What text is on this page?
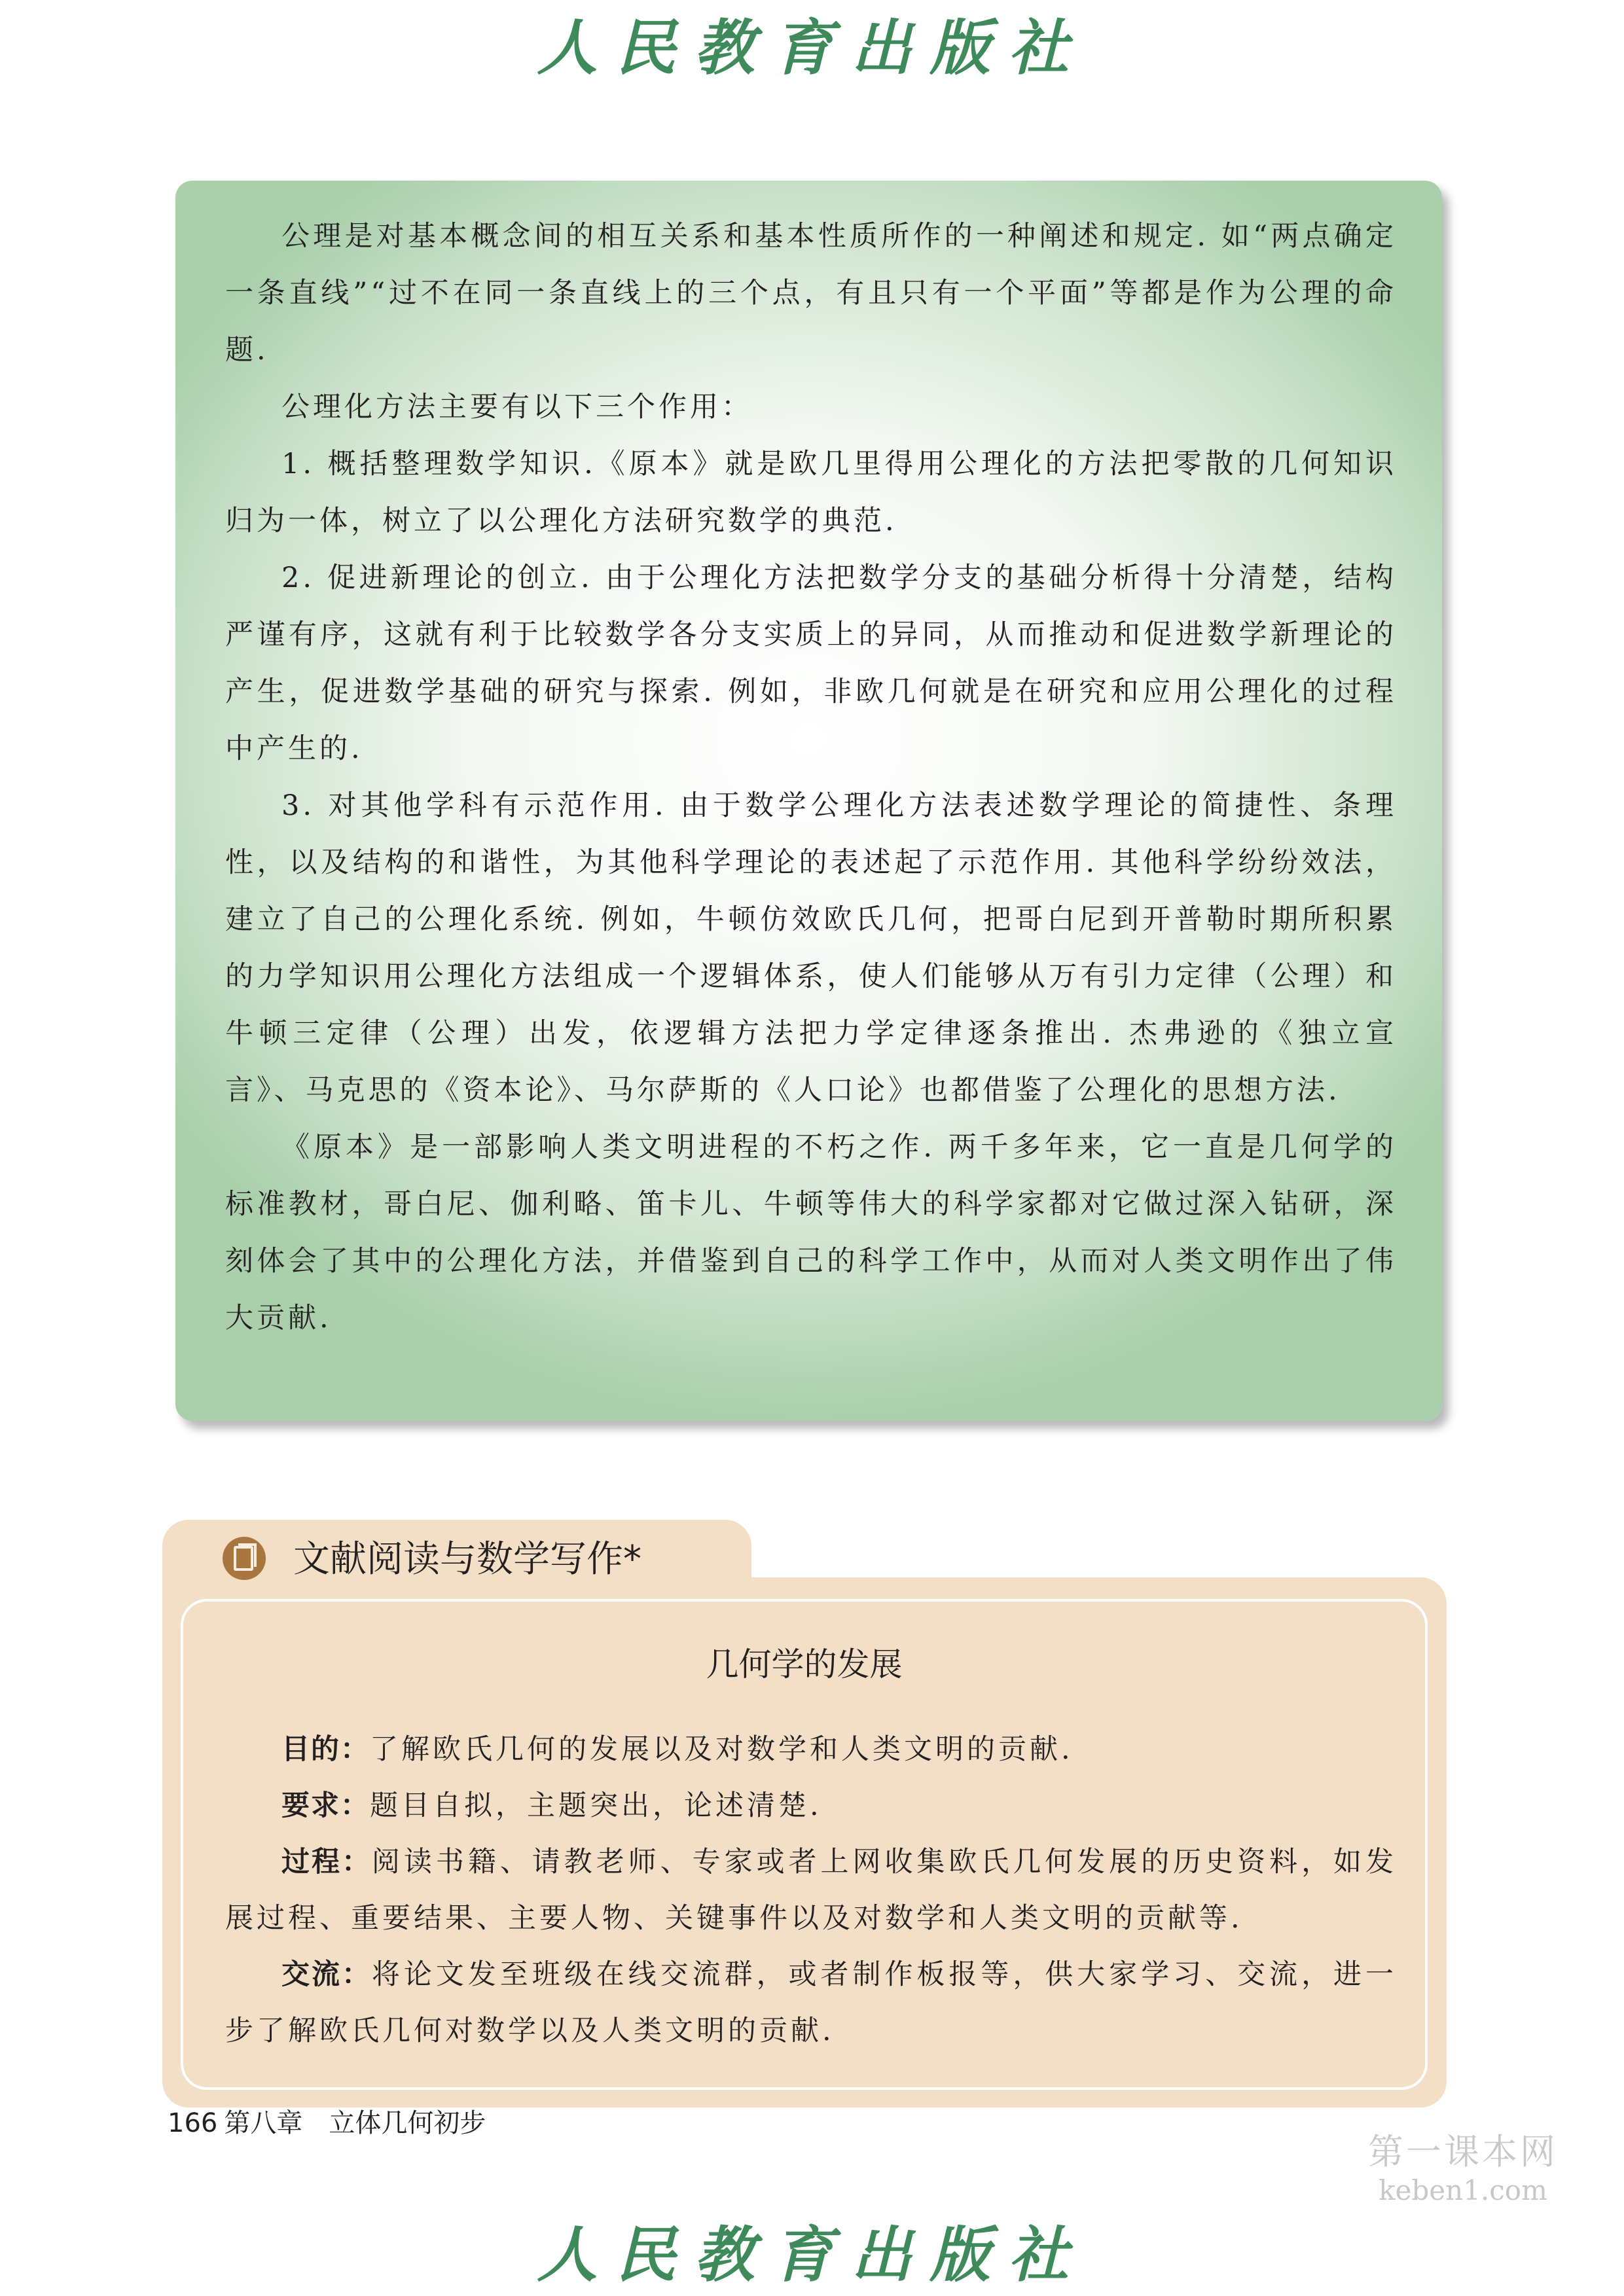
人民教育出版社

公理是对基本概念间的相互关系和基本性质所作的一种阐述和规定. 如“两点确定一条直线”“过不在同一条直线上的三个点，有且只有一个平面”等都是作为公理的命题.

公理化方法主要有以下三个作用：

1. 概括整理数学知识.《原本》就是欧几里得用公理化的方法把零散的几何知识归为一体，树立了以公理化方法研究数学的典范.

2. 促进新理论的创立. 由于公理化方法把数学分支的基础分析得十分清楚，结构严谨有序，这就有利于比较数学各分支实质上的异同，从而推动和促进数学新理论的产生，促进数学基础的研究与探索. 例如，非欧几何就是在研究和应用公理化的过程中产生的.

3. 对其他学科有示范作用. 由于数学公理化方法表述数学理论的简捷性、条理性，以及结构的和谐性，为其他科学理论的表述起了示范作用. 其他科学纷纷效法，建立了自己的公理化系统. 例如，牛顿仿效欧氏几何，把哥白尼到开普勒时期所积累的力学知识用公理化方法组成一个逻辑体系，使人们能够从万有引力定律（公理）和牛顿三定律（公理）出发，依逻辑方法把力学定律逐条推出. 杰弗逊的《独立宣言》、马克思的《资本论》、马尔萨斯的《人口论》也都借鉴了公理化的思想方法.

《原本》是一部影响人类文明进程的不朽之作. 两千多年来，它一直是几何学的标准教材，哥白尼、伽利略、笛卡儿、牛顿等伟大的科学家都对它做过深入钻研，深刻体会了其中的公理化方法，并借鉴到自己的科学工作中，从而对人类文明作出了伟大贡献.

文献阅读与数学写作*
几何学的发展

目的：了解欧氏几何的发展以及对数学和人类文明的贡献.

要求：题目自拟，主题突出，论述清楚.

过程：阅读书籍、请教老师、专家或者上网收集欧氏几何发展的历史资料，如发展过程、重要结果、主要人物、关键事件以及对数学和人类文明的贡献等.

交流：将论文发至班级在线交流群，或者制作板报等，供大家学习、交流，进一步了解欧氏几何对数学以及人类文明的贡献.

166 第八章 立体几何初步
第一课本网
keben1.com
人民教育出版社
